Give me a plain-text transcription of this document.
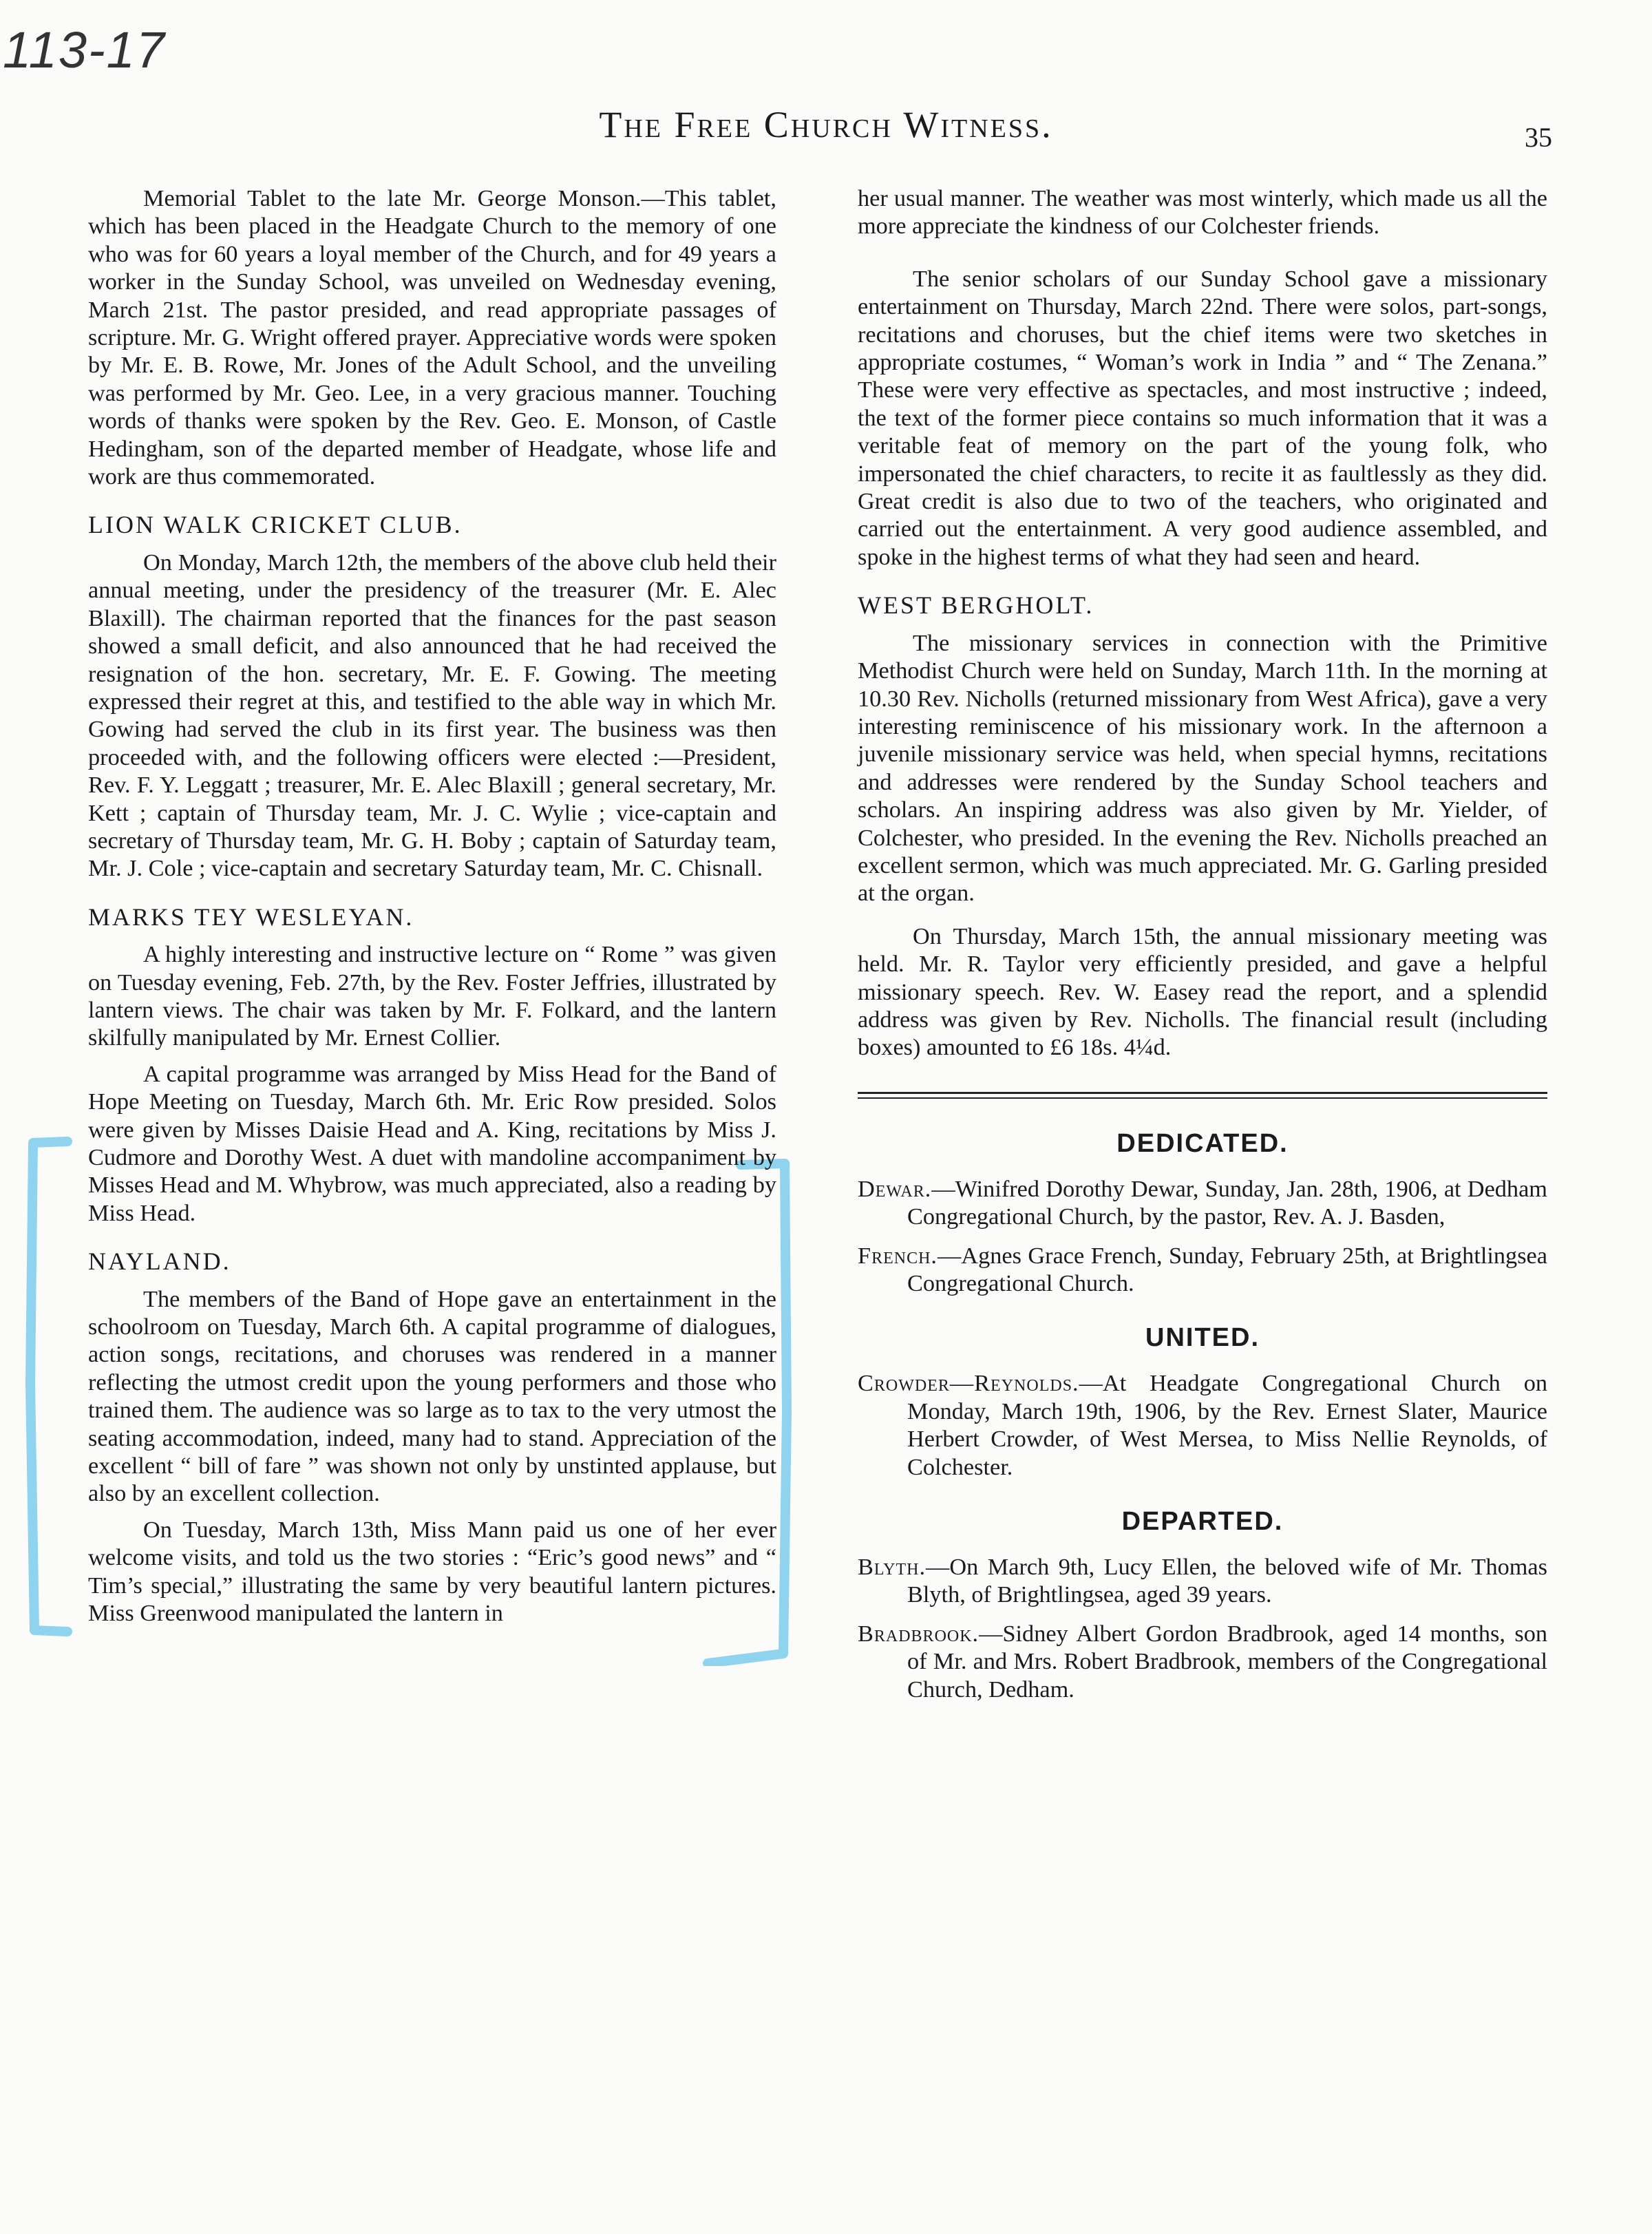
113-17
The Free Church Witness.	35

Memorial Tablet to the late Mr. George Monson.—This tablet, which has been placed in the Headgate Church to the memory of one who was for 60 years a loyal member of the Church, and for 49 years a worker in the Sunday School, was unveiled on Wednesday evening, March 21st. The pastor presided, and read appropriate passages of scripture. Mr. G. Wright offered prayer. Appreciative words were spoken by Mr. E. B. Rowe, Mr. Jones of the Adult School, and the unveiling was performed by Mr. Geo. Lee, in a very gracious manner. Touching words of thanks were spoken by the Rev. Geo. E. Monson, of Castle Hedingham, son of the departed member of Headgate, whose life and work are thus commemorated.

LION WALK CRICKET CLUB.

On Monday, March 12th, the members of the above club held their annual meeting, under the presidency of the treasurer (Mr. E. Alec Blaxill). The chairman reported that the finances for the past season showed a small deficit, and also announced that he had received the resignation of the hon. secretary, Mr. E. F. Gowing. The meeting expressed their regret at this, and testified to the able way in which Mr. Gowing had served the club in its first year. The business was then proceeded with, and the following officers were elected :—President, Rev. F. Y. Leggatt ; treasurer, Mr. E. Alec Blaxill ; general secretary, Mr. Kett ; captain of Thursday team, Mr. J. C. Wylie ; vice-captain and secretary of Thursday team, Mr. G. H. Boby ; captain of Saturday team, Mr. J. Cole ; vice-captain and secretary Saturday team, Mr. C. Chisnall.

MARKS TEY WESLEYAN.

A highly interesting and instructive lecture on “ Rome ” was given on Tuesday evening, Feb. 27th, by the Rev. Foster Jeffries, illustrated by lantern views. The chair was taken by Mr. F. Folkard, and the lantern skilfully manipulated by Mr. Ernest Collier.

A capital programme was arranged by Miss Head for the Band of Hope Meeting on Tuesday, March 6th. Mr. Eric Row presided. Solos were given by Misses Daisie Head and A. King, recitations by Miss J. Cudmore and Dorothy West. A duet with mandoline accompaniment by Misses Head and M. Whybrow, was much appreciated, also a reading by Miss Head.

NAYLAND.

The members of the Band of Hope gave an entertainment in the schoolroom on Tuesday, March 6th. A capital programme of dialogues, action songs, recitations, and choruses was rendered in a manner reflecting the utmost credit upon the young performers and those who trained them. The audience was so large as to tax to the very utmost the seating accommodation, indeed, many had to stand. Appreciation of the excellent “ bill of fare ” was shown not only by unstinted applause, but also by an excellent collection.

On Tuesday, March 13th, Miss Mann paid us one of her ever welcome visits, and told us the two stories : “Eric’s good news” and “ Tim’s special,” illustrating the same by very beautiful lantern pictures. Miss Greenwood manipulated the lantern in

her usual manner. The weather was most winterly, which made us all the more appreciate the kindness of our Colchester friends.

The senior scholars of our Sunday School gave a missionary entertainment on Thursday, March 22nd. There were solos, part-songs, recitations and choruses, but the chief items were two sketches in appropriate costumes, “ Woman’s work in India ” and “ The Zenana.” These were very effective as spectacles, and most instructive ; indeed, the text of the former piece contains so much information that it was a veritable feat of memory on the part of the young folk, who impersonated the chief characters, to recite it as faultlessly as they did. Great credit is also due to two of the teachers, who originated and carried out the entertainment. A very good audience assembled, and spoke in the highest terms of what they had seen and heard.

WEST BERGHOLT.

The missionary services in connection with the Primitive Methodist Church were held on Sunday, March 11th. In the morning at 10.30 Rev. Nicholls (returned missionary from West Africa), gave a very interesting reminiscence of his missionary work. In the afternoon a juvenile missionary service was held, when special hymns, recitations and addresses were rendered by the Sunday School teachers and scholars. An inspiring address was also given by Mr. Yielder, of Colchester, who presided. In the evening the Rev. Nicholls preached an excellent sermon, which was much appreciated. Mr. G. Garling presided at the organ.

On Thursday, March 15th, the annual missionary meeting was held. Mr. R. Taylor very efficiently presided, and gave a helpful missionary speech. Rev. W. Easey read the report, and a splendid address was given by Rev. Nicholls. The financial result (including boxes) amounted to £6 18s. 4¼d.

DEDICATED.

Dewar.—Winifred Dorothy Dewar, Sunday, Jan. 28th, 1906, at Dedham Congregational Church, by the pastor, Rev. A. J. Basden,

French.—Agnes Grace French, Sunday, February 25th, at Brightlingsea Congregational Church.

UNITED.

Crowder—Reynolds.—At Headgate Congregational Church on Monday, March 19th, 1906, by the Rev. Ernest Slater, Maurice Herbert Crowder, of West Mersea, to Miss Nellie Reynolds, of Colchester.

DEPARTED.

Blyth.—On March 9th, Lucy Ellen, the beloved wife of Mr. Thomas Blyth, of Brightlingsea, aged 39 years.

Bradbrook.—Sidney Albert Gordon Bradbrook, aged 14 months, son of Mr. and Mrs. Robert Bradbrook, members of the Congregational Church, Dedham.
